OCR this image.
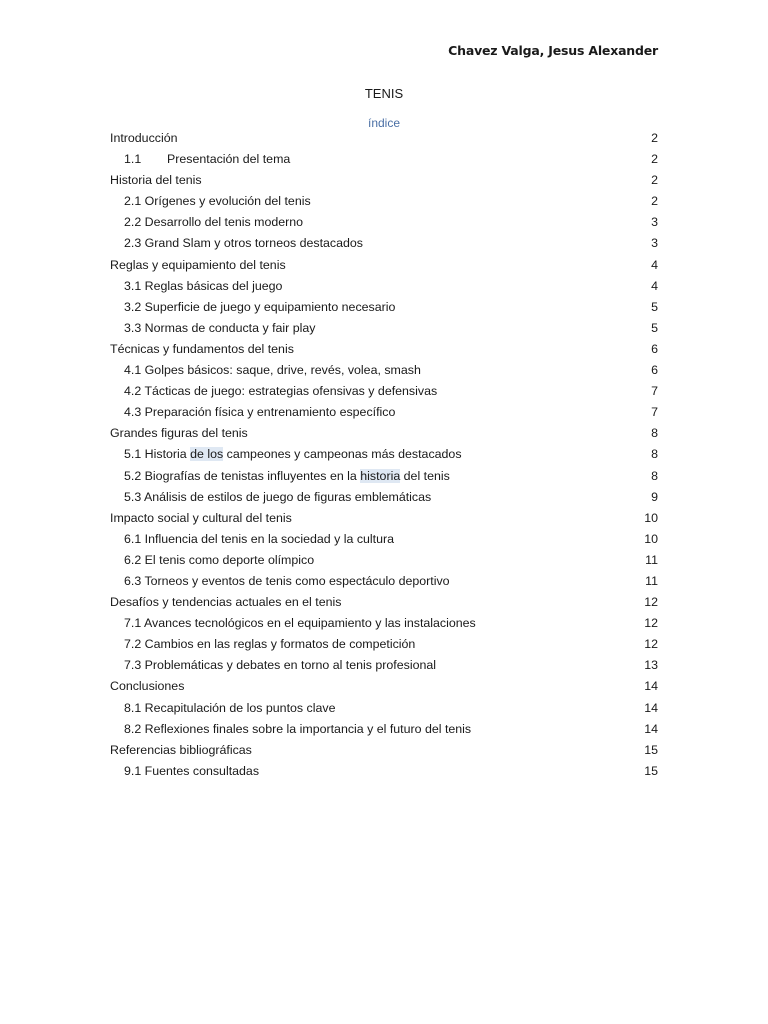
Chavez Valga, Jesus Alexander
TENIS
índice
Introducción	2
1.1 Presentación del tema	2
Historia del tenis	2
2.1 Orígenes y evolución del tenis	2
2.2 Desarrollo del tenis moderno	3
2.3 Grand Slam y otros torneos destacados	3
Reglas y equipamiento del tenis	4
3.1 Reglas básicas del juego	4
3.2 Superficie de juego y equipamiento necesario	5
3.3 Normas de conducta y fair play	5
Técnicas y fundamentos del tenis	6
4.1 Golpes básicos: saque, drive, revés, volea, smash	6
4.2 Tácticas de juego: estrategias ofensivas y defensivas	7
4.3 Preparación física y entrenamiento específico	7
Grandes figuras del tenis	8
5.1 Historia de los campeones y campeonas más destacados	8
5.2 Biografías de tenistas influyentes en la historia del tenis	8
5.3 Análisis de estilos de juego de figuras emblemáticas	9
Impacto social y cultural del tenis	10
6.1 Influencia del tenis en la sociedad y la cultura	10
6.2 El tenis como deporte olímpico	11
6.3 Torneos y eventos de tenis como espectáculo deportivo	11
Desafíos y tendencias actuales en el tenis	12
7.1 Avances tecnológicos en el equipamiento y las instalaciones	12
7.2 Cambios en las reglas y formatos de competición	12
7.3 Problemáticas y debates en torno al tenis profesional	13
Conclusiones	14
8.1 Recapitulación de los puntos clave	14
8.2 Reflexiones finales sobre la importancia y el futuro del tenis	14
Referencias bibliográficas	15
9.1 Fuentes consultadas	15
